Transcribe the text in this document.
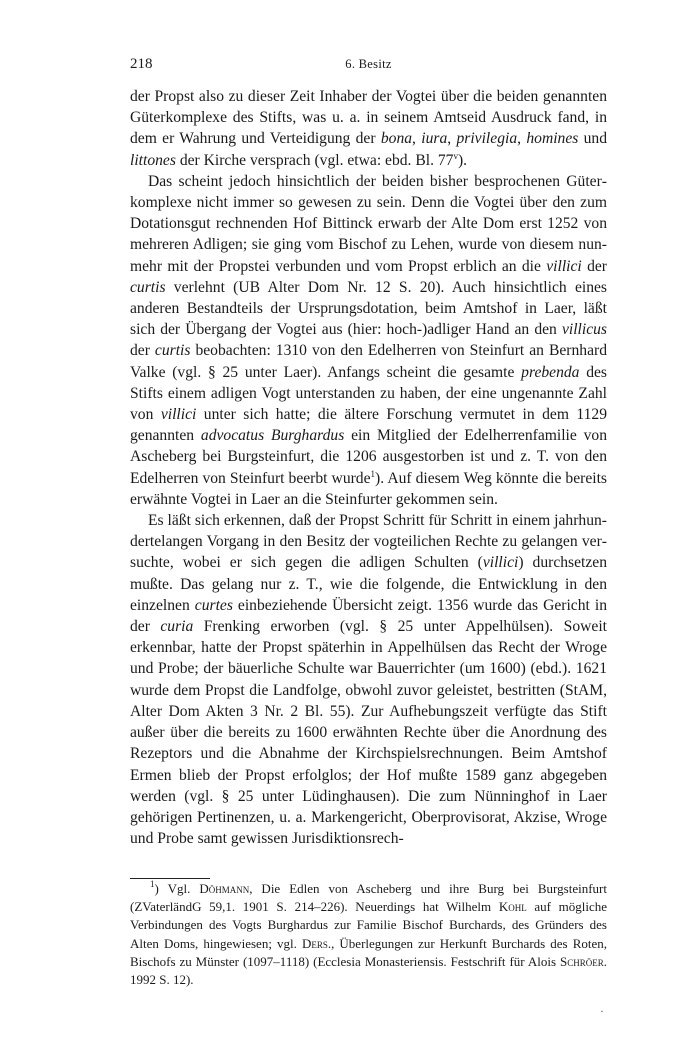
218	6. Besitz

der Propst also zu dieser Zeit Inhaber der Vogtei über die beiden genannten Güterkomplexe des Stifts, was u. a. in seinem Amtseid Ausdruck fand, in dem er Wahrung und Verteidigung der bona, iura, privilegia, homines und littones der Kirche versprach (vgl. etwa: ebd. Bl. 77$^v$).

Das scheint jedoch hinsichtlich der beiden bisher besprochenen Güterkomplexe nicht immer so gewesen zu sein. Denn die Vogtei über den zum Dotationsgut rechnenden Hof Bittinck erwarb der Alte Dom erst 1252 von mehreren Adligen; sie ging vom Bischof zu Lehen, wurde von diesem nunmehr mit der Propstei verbunden und vom Propst erblich an die villici der curtis verlehnt (UB Alter Dom Nr. 12 S. 20). Auch hinsichtlich eines anderen Bestandteils der Ursprungsdotation, beim Amtshof in Laer, läßt sich der Übergang der Vogtei aus (hier: hoch-)adliger Hand an den villicus der curtis beobachten: 1310 von den Edelherren von Steinfurt an Bernhard Valke (vgl. § 25 unter Laer). Anfangs scheint die gesamte prebenda des Stifts einem adligen Vogt unterstanden zu haben, der eine ungenannte Zahl von villici unter sich hatte; die ältere Forschung vermutet in dem 1129 genannten advocatus Burghardus ein Mitglied der Edelherrenfamilie von Ascheberg bei Burgsteinfurt, die 1206 ausgestorben ist und z. T. von den Edelherren von Steinfurt beerbt wurde$^1$). Auf diesem Weg könnte die bereits erwähnte Vogtei in Laer an die Steinfurter gekommen sein.

Es läßt sich erkennen, daß der Propst Schritt für Schritt in einem jahrhundertelangen Vorgang in den Besitz der vogteilichen Rechte zu gelangen versuchte, wobei er sich gegen die adligen Schulten (villici) durchsetzen mußte. Das gelang nur z. T., wie die folgende, die Entwicklung in den einzelnen curtes einbeziehende Übersicht zeigt. 1356 wurde das Gericht in der curia Frenking erworben (vgl. § 25 unter Appelhülsen). Soweit erkennbar, hatte der Propst späterhin in Appelhülsen das Recht der Wroge und Probe; der bäuerliche Schulte war Bauerrichter (um 1600) (ebd.). 1621 wurde dem Propst die Landfolge, obwohl zuvor geleistet, bestritten (StAM, Alter Dom Akten 3 Nr. 2 Bl. 55). Zur Aufhebungszeit verfügte das Stift außer über die bereits zu 1600 erwähnten Rechte über die Anordnung des Rezeptors und die Abnahme der Kirchspielsrechnungen. Beim Amtshof Ermen blieb der Propst erfolglos; der Hof mußte 1589 ganz abgegeben werden (vgl. § 25 unter Lüdinghausen). Die zum Nünninghof in Laer gehörigen Pertinenzen, u. a. Markengericht, Oberprovisorat, Akzise, Wroge und Probe samt gewissen Jurisdiktionsrech-

$^1$) Vgl. Döhmann, Die Edlen von Ascheberg und ihre Burg bei Burgsteinfurt (ZVaterländG 59,1. 1901 S. 214–226). Neuerdings hat Wilhelm Kohl auf mögliche Verbindungen des Vogts Burghardus zur Familie Bischof Burchards, des Gründers des Alten Doms, hingewiesen; vgl. Ders., Überlegungen zur Herkunft Burchards des Roten, Bischofs zu Münster (1097–1118) (Ecclesia Monasteriensis. Festschrift für Alois Schröer. 1992 S. 12).

·
